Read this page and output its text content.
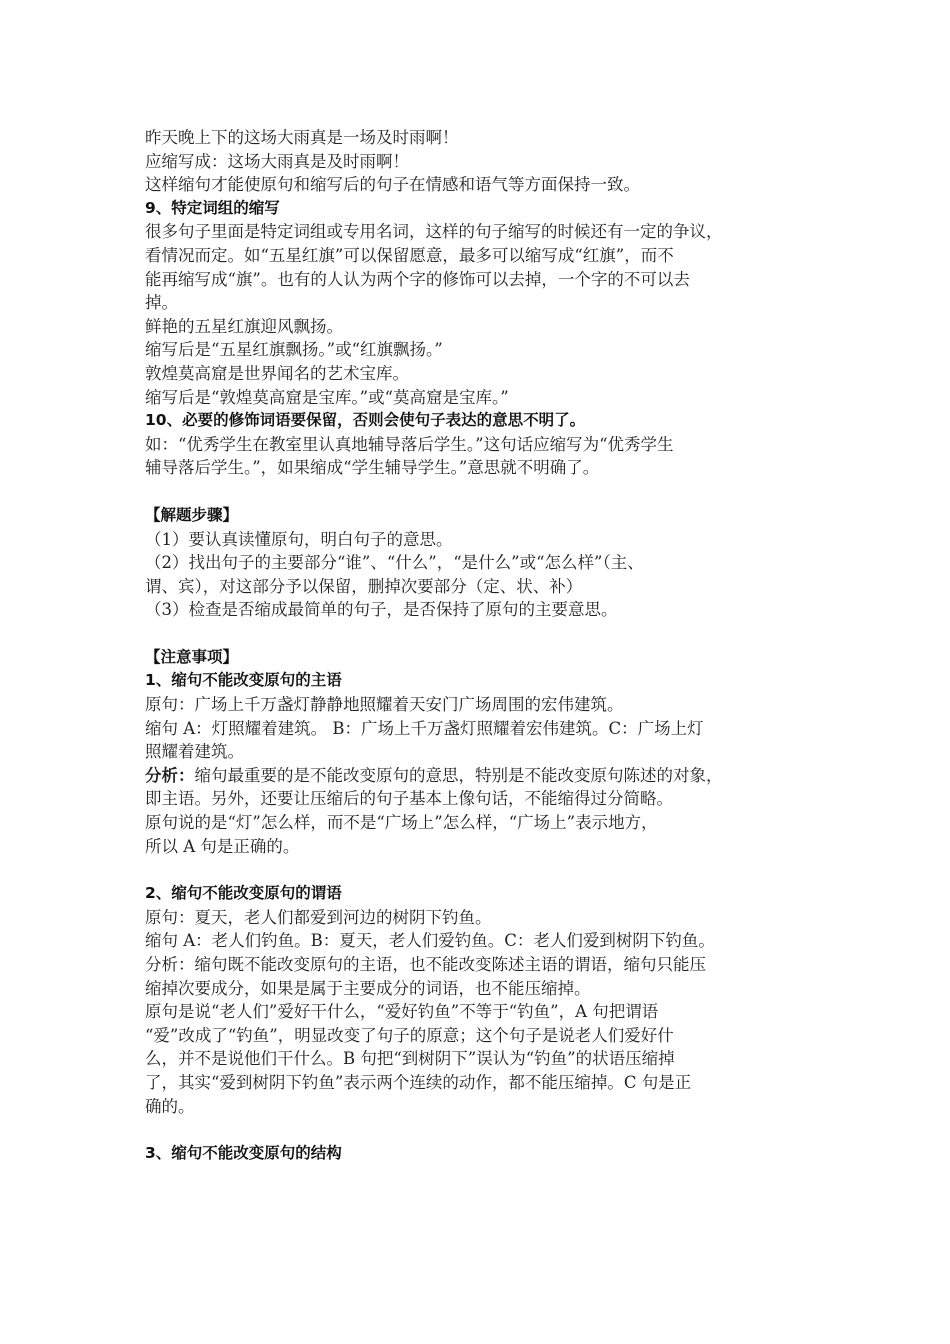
昨天晚上下的这场大雨真是一场及时雨啊！
应缩写成：这场大雨真是及时雨啊！
这样缩句才能使原句和缩写后的句子在情感和语气等方面保持一致。
9、特定词组的缩写
很多句子里面是特定词组或专用名词，这样的句子缩写的时候还有一定的争议，
看情况而定。如“五星红旗”可以保留愿意，最多可以缩写成“红旗”，而不
能再缩写成“旗”。也有的人认为两个字的修饰可以去掉，一个字的不可以去
掉。
鲜艳的五星红旗迎风飘扬。
缩写后是“五星红旗飘扬。”或“红旗飘扬。”
敦煌莫高窟是世界闻名的艺术宝库。
缩写后是“敦煌莫高窟是宝库。”或“莫高窟是宝库。”
10、必要的修饰词语要保留，否则会使句子表达的意思不明了。
如：“优秀学生在教室里认真地辅导落后学生。”这句话应缩写为“优秀学生
辅导落后学生。”，如果缩成“学生辅导学生。”意思就不明确了。
【解题步骤】
（1）要认真读懂原句，明白句子的意思。
（2）找出句子的主要部分“谁”、“什么”，“是什么”或“怎么样”（主、
谓、宾），对这部分予以保留，删掉次要部分（定、状、补）
（3）检查是否缩成最简单的句子，是否保持了原句的主要意思。
【注意事项】
1、缩句不能改变原句的主语
原句：广场上千万盏灯静静地照耀着天安门广场周围的宏伟建筑。
缩句 A：灯照耀着建筑。 B：广场上千万盏灯照耀着宏伟建筑。C：广场上灯
照耀着建筑。
分析：缩句最重要的是不能改变原句的意思，特别是不能改变原句陈述的对象，
即主语。另外，还要让压缩后的句子基本上像句话，不能缩得过分简略。
原句说的是“灯”怎么样，而不是“广场上”怎么样，“广场上”表示地方，
所以 A 句是正确的。
2、缩句不能改变原句的谓语
原句：夏天，老人们都爱到河边的树阴下钓鱼。
缩句 A：老人们钓鱼。B：夏天，老人们爱钓鱼。C：老人们爱到树阴下钓鱼。
分析：缩句既不能改变原句的主语，也不能改变陈述主语的谓语，缩句只能压
缩掉次要成分，如果是属于主要成分的词语，也不能压缩掉。
原句是说“老人们”爱好干什么，“爱好钓鱼”不等于“钓鱼”，A 句把谓语
“爱”改成了“钓鱼”，明显改变了句子的原意；这个句子是说老人们爱好什
么，并不是说他们干什么。B 句把“到树阴下”误认为“钓鱼”的状语压缩掉
了，其实“爱到树阴下钓鱼”表示两个连续的动作，都不能压缩掉。C 句是正
确的。
3、缩句不能改变原句的结构
